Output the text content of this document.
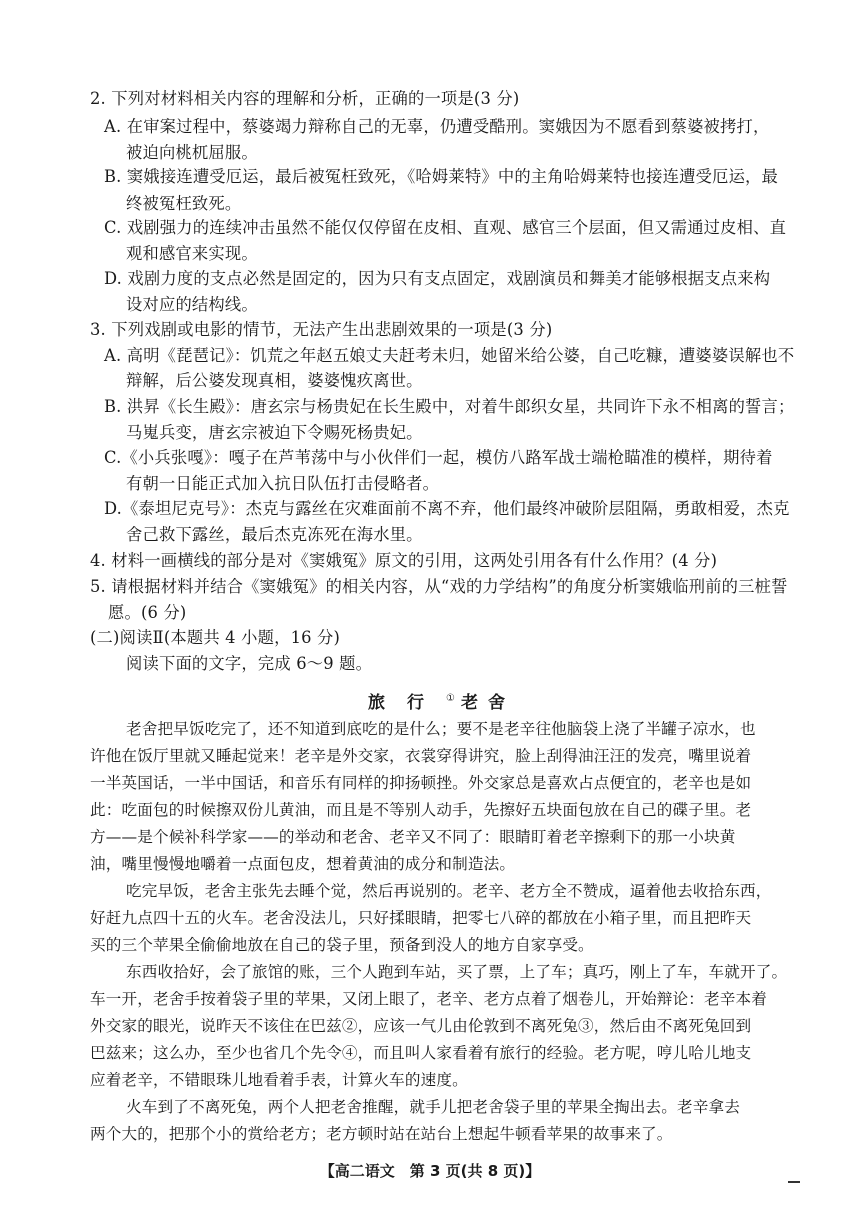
2. 下列对材料相关内容的理解和分析，正确的一项是(3 分)
A. 在审案过程中，蔡婆竭力辩称自己的无辜，仍遭受酷刑。窦娥因为不愿看到蔡婆被拷打，
被迫向桃杌屈服。
B. 窦娥接连遭受厄运，最后被冤枉致死，《哈姆莱特》中的主角哈姆莱特也接连遭受厄运，最
终被冤枉致死。
C. 戏剧强力的连续冲击虽然不能仅仅停留在皮相、直观、感官三个层面，但又需通过皮相、直
观和感官来实现。
D. 戏剧力度的支点必然是固定的，因为只有支点固定，戏剧演员和舞美才能够根据支点来构
设对应的结构线。
3. 下列戏剧或电影的情节，无法产生出悲剧效果的一项是(3 分)
A. 高明《琵琶记》：饥荒之年赵五娘丈夫赶考未归，她留米给公婆，自己吃糠，遭婆婆误解也不
辩解，后公婆发现真相，婆婆愧疚离世。
B. 洪昇《长生殿》：唐玄宗与杨贵妃在长生殿中，对着牛郎织女星，共同许下永不相离的誓言；
马嵬兵变，唐玄宗被迫下令赐死杨贵妃。
C.《小兵张嘎》：嘎子在芦苇荡中与小伙伴们一起，模仿八路军战士端枪瞄准的模样，期待着
有朝一日能正式加入抗日队伍打击侵略者。
D.《泰坦尼克号》：杰克与露丝在灾难面前不离不弃，他们最终冲破阶层阻隔，勇敢相爱，杰克
舍己救下露丝，最后杰克冻死在海水里。
4. 材料一画横线的部分是对《窦娥冤》原文的引用，这两处引用各有什么作用？(4 分)
5. 请根据材料并结合《窦娥冤》的相关内容，从“戏的力学结构”的角度分析窦娥临刑前的三桩誓
愿。(6 分)
(二)阅读Ⅱ(本题共 4 小题，16 分)
阅读下面的文字，完成 6～9 题。
旅行① 老舍
老舍把早饭吃完了，还不知道到底吃的是什么；要不是老辛往他脑袋上浇了半罐子凉水，也
许他在饭厅里就又睡起觉来！老辛是外交家，衣裳穿得讲究，脸上刮得油汪汪的发亮，嘴里说着
一半英国话，一半中国话，和音乐有同样的抑扬顿挫。外交家总是喜欢占点便宜的，老辛也是如
此：吃面包的时候擦双份儿黄油，而且是不等别人动手，先擦好五块面包放在自己的碟子里。老
方——是个候补科学家——的举动和老舍、老辛又不同了：眼睛盯着老辛擦剩下的那一小块黄
油，嘴里慢慢地嚼着一点面包皮，想着黄油的成分和制造法。
吃完早饭，老舍主张先去睡个觉，然后再说别的。老辛、老方全不赞成，逼着他去收拾东西，
好赶九点四十五的火车。老舍没法儿，只好揉眼睛，把零七八碎的都放在小箱子里，而且把昨天
买的三个苹果全偷偷地放在自己的袋子里，预备到没人的地方自家享受。
东西收拾好，会了旅馆的账，三个人跑到车站，买了票，上了车；真巧，刚上了车，车就开了。
车一开，老舍手按着袋子里的苹果，又闭上眼了，老辛、老方点着了烟卷儿，开始辩论：老辛本着
外交家的眼光，说昨天不该住在巴兹②，应该一气儿由伦敦到不离死兔③，然后由不离死兔回到
巴兹来；这么办，至少也省几个先令④，而且叫人家看着有旅行的经验。老方呢，哼儿哈儿地支
应着老辛，不错眼珠儿地看着手表，计算火车的速度。
火车到了不离死兔，两个人把老舍推醒，就手儿把老舍袋子里的苹果全掏出去。老辛拿去
两个大的，把那个小的赏给老方；老方顿时站在站台上想起牛顿看苹果的故事来了。
【高二语文　第 3 页(共 8 页)】
